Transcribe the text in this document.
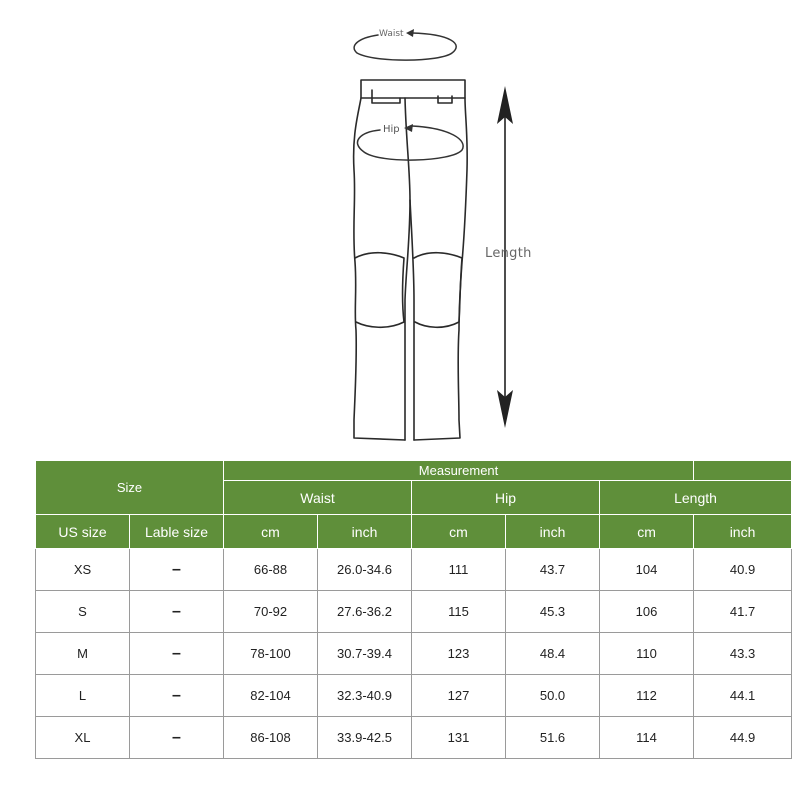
Waist
Hip
Length
Size		Measurement					
		Waist		Hip		Length	
US size	Lable size	cm	inch	cm	inch	cm	inch
XS	–	66-88	26.0-34.6	111	43.7	104	40.9
S	–	70-92	27.6-36.2	115	45.3	106	41.7
M	–	78-100	30.7-39.4	123	48.4	110	43.3
L	–	82-104	32.3-40.9	127	50.0	112	44.1
XL	–	86-108	33.9-42.5	131	51.6	114	44.9
